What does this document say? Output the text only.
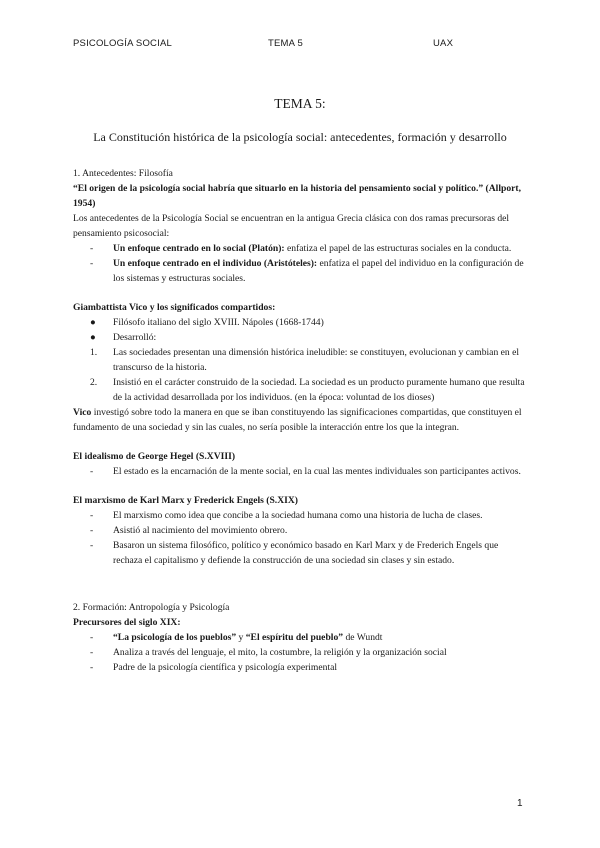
PSICOLOGÍA SOCIAL	TEMA 5	UAX
TEMA 5:
La Constitución histórica de la psicología social: antecedentes, formación y desarrollo

1. Antecedentes: Filosofía

“El origen de la psicología social habría que situarlo en la historia del pensamiento social y político.” (Allport, 1954)

Los antecedentes de la Psicología Social se encuentran en la antigua Grecia clásica con dos ramas precursoras del pensamiento psicosocial:

- Un enfoque centrado en lo social (Platón): enfatiza el papel de las estructuras sociales en la conducta.
- Un enfoque centrado en el individuo (Aristóteles): enfatiza el papel del individuo en la configuración de los sistemas y estructuras sociales.

Giambattista Vico y los significados compartidos:

● Filósofo italiano del siglo XVIII. Nápoles (1668-1744)
● Desarrolló:
1. Las sociedades presentan una dimensión histórica ineludible: se constituyen, evolucionan y cambian en el transcurso de la historia.
2. Insistió en el carácter construido de la sociedad. La sociedad es un producto puramente humano que resulta de la actividad desarrollada por los individuos. (en la época: voluntad de los dioses)

Vico investigó sobre todo la manera en que se iban constituyendo las significaciones compartidas, que constituyen el fundamento de una sociedad y sin las cuales, no sería posible la interacción entre los que la integran.

El idealismo de George Hegel (S.XVIII)

- El estado es la encarnación de la mente social, en la cual las mentes individuales son participantes activos.

El marxismo de Karl Marx y Frederick Engels (S.XIX)

- El marxismo como idea que concibe a la sociedad humana como una historia de lucha de clases.
- Asistió al nacimiento del movimiento obrero.
- Basaron un sistema filosófico, político y económico basado en Karl Marx y de Frederich Engels que rechaza el capitalismo y defiende la construcción de una sociedad sin clases y sin estado.

2. Formación: Antropología y Psicología

Precursores del siglo XIX:

- “La psicología de los pueblos” y “El espíritu del pueblo” de Wundt
- Analiza a través del lenguaje, el mito, la costumbre, la religión y la organización social
- Padre de la psicología científica y psicología experimental
1
